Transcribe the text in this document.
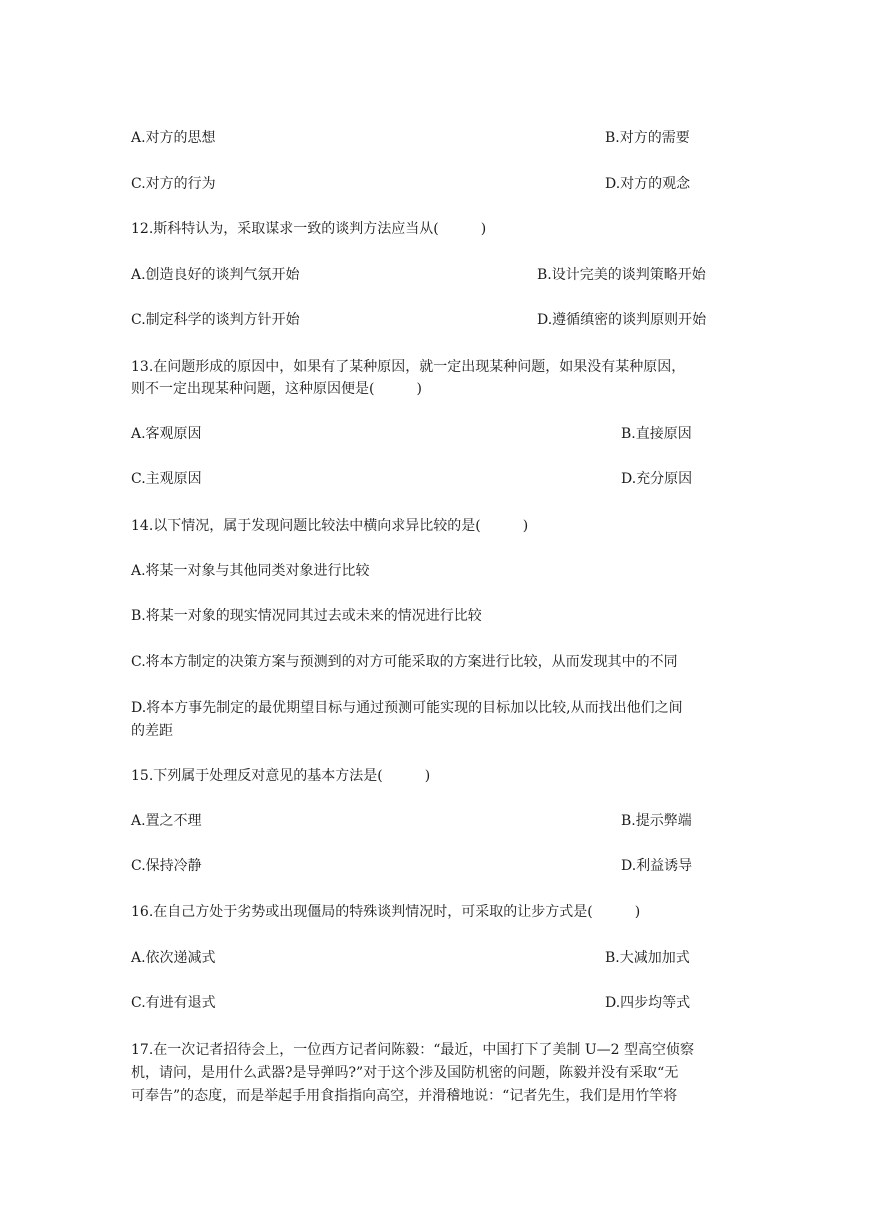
A.对方的思想	B.对方的需要
C.对方的行为	D.对方的观念
12.斯科特认为，采取谋求一致的谈判方法应当从(　　　)
A.创造良好的谈判气氛开始	B.设计完美的谈判策略开始
C.制定科学的谈判方针开始	D.遵循缜密的谈判原则开始
13.在问题形成的原因中，如果有了某种原因，就一定出现某种问题，如果没有某种原因，
则不一定出现某种问题，这种原因便是(　　　)
A.客观原因	B.直接原因
C.主观原因	D.充分原因
14.以下情况，属于发现问题比较法中横向求异比较的是(　　　)
A.将某一对象与其他同类对象进行比较
B.将某一对象的现实情况同其过去或未来的情况进行比较
C.将本方制定的决策方案与预测到的对方可能采取的方案进行比较，从而发现其中的不同
D.将本方事先制定的最优期望目标与通过预测可能实现的目标加以比较,从而找出他们之间
的差距
15.下列属于处理反对意见的基本方法是(　　　)
A.置之不理	B.提示弊端
C.保持冷静	D.利益诱导
16.在自己方处于劣势或出现僵局的特殊谈判情况时，可采取的让步方式是(　　　)
A.依次递减式	B.大减加加式
C.有进有退式	D.四步均等式
17.在一次记者招待会上，一位西方记者问陈毅：“最近，中国打下了美制 U—2 型高空侦察
机，请问，是用什么武器?是导弹吗?”对于这个涉及国防机密的问题，陈毅并没有采取“无
可奉告”的态度，而是举起手用食指指向高空，并滑稽地说：“记者先生，我们是用竹竿将
